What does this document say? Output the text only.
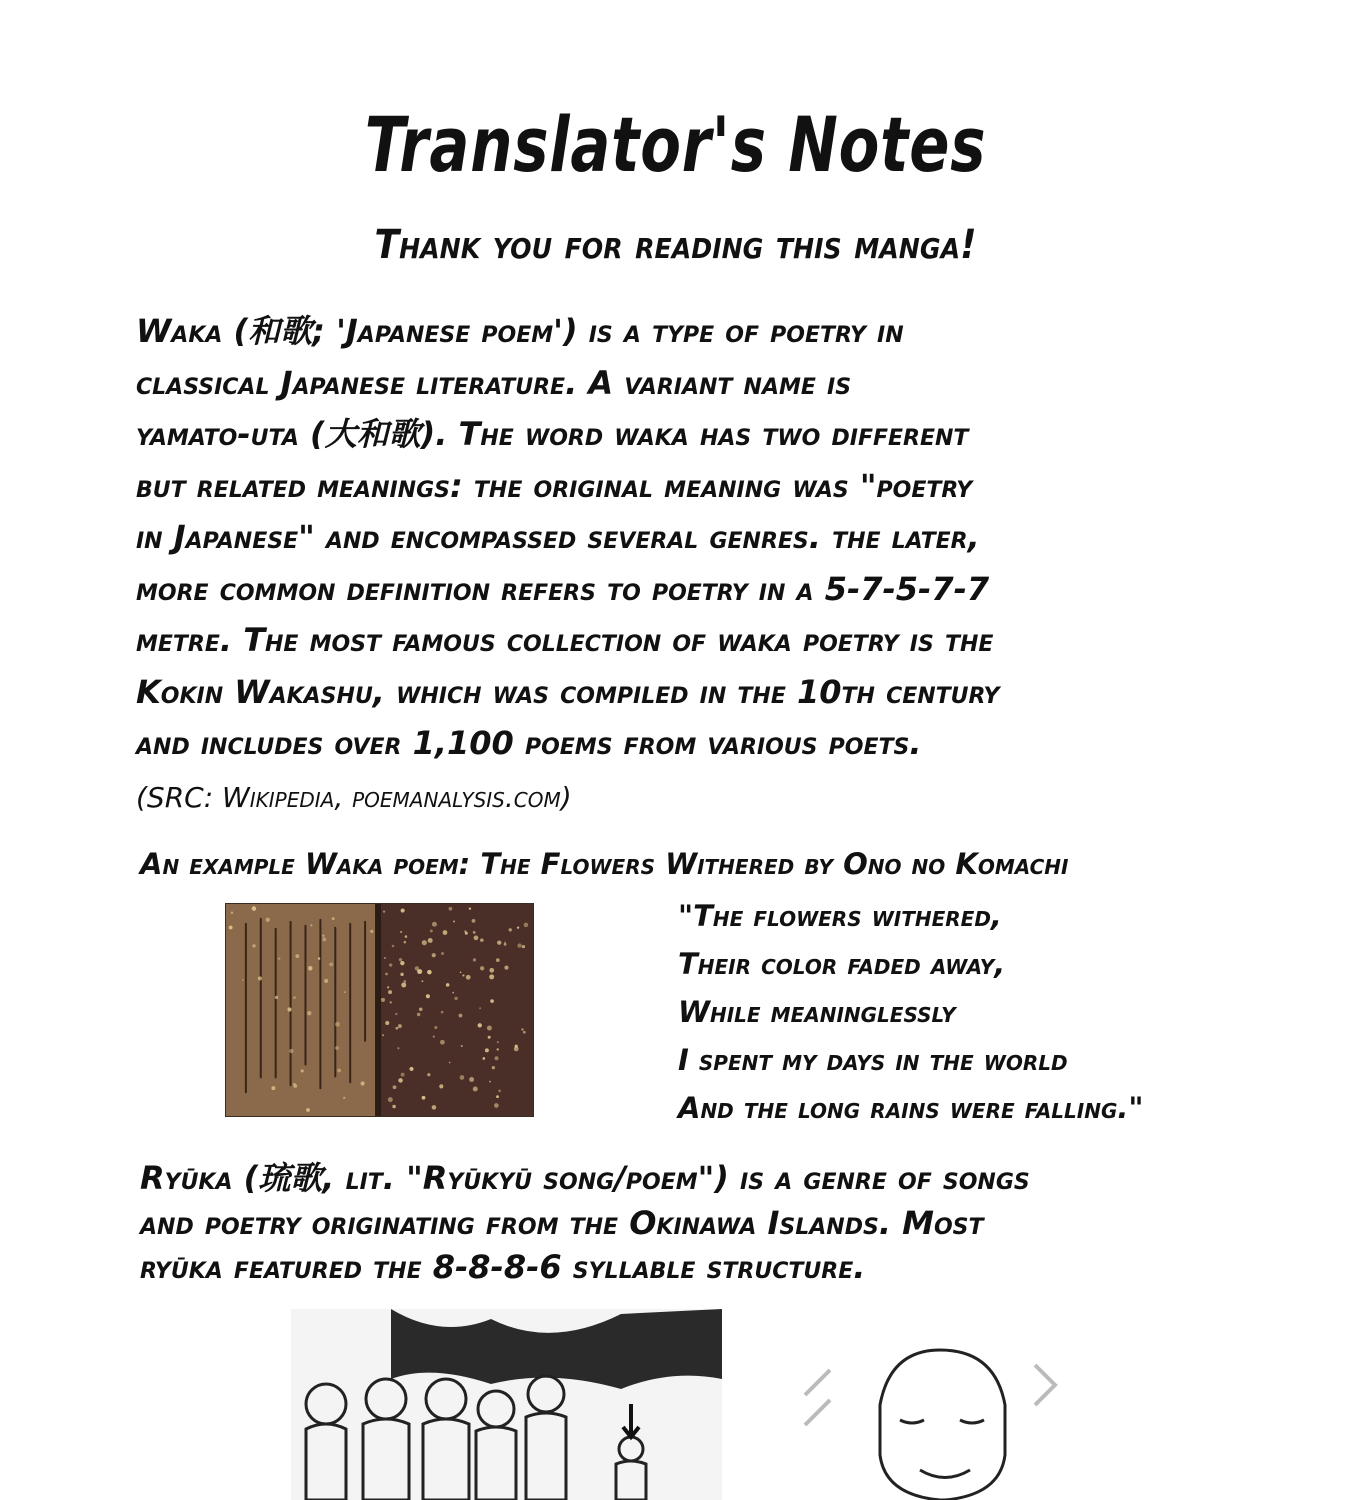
Translator's Notes
Thank you for reading this manga!
Waka (和歌; 'Japanese poem') is a type of poetry in
classical Japanese literature. A variant name is
yamato-uta (大和歌). The word waka has two different
but related meanings: the original meaning was "poetry
in Japanese" and encompassed several genres. the later,
more common definition refers to poetry in a 5-7-5-7-7
metre. The most famous collection of waka poetry is the
Kokin Wakashu, which was compiled in the 10th century
and includes over 1,100 poems from various poets.
(SRC: Wikipedia, poemanalysis.com)
An example Waka poem: The Flowers Withered by Ono no Komachi
"The flowers withered,
Their color faded away,
While meaninglessly
I spent my days in the world
And the long rains were falling."
Ryūka (琉歌, lit. "Ryūkyū song/poem") is a genre of songs
and poetry originating from the Okinawa Islands. Most
ryūka featured the 8-8-8-6 syllable structure.
